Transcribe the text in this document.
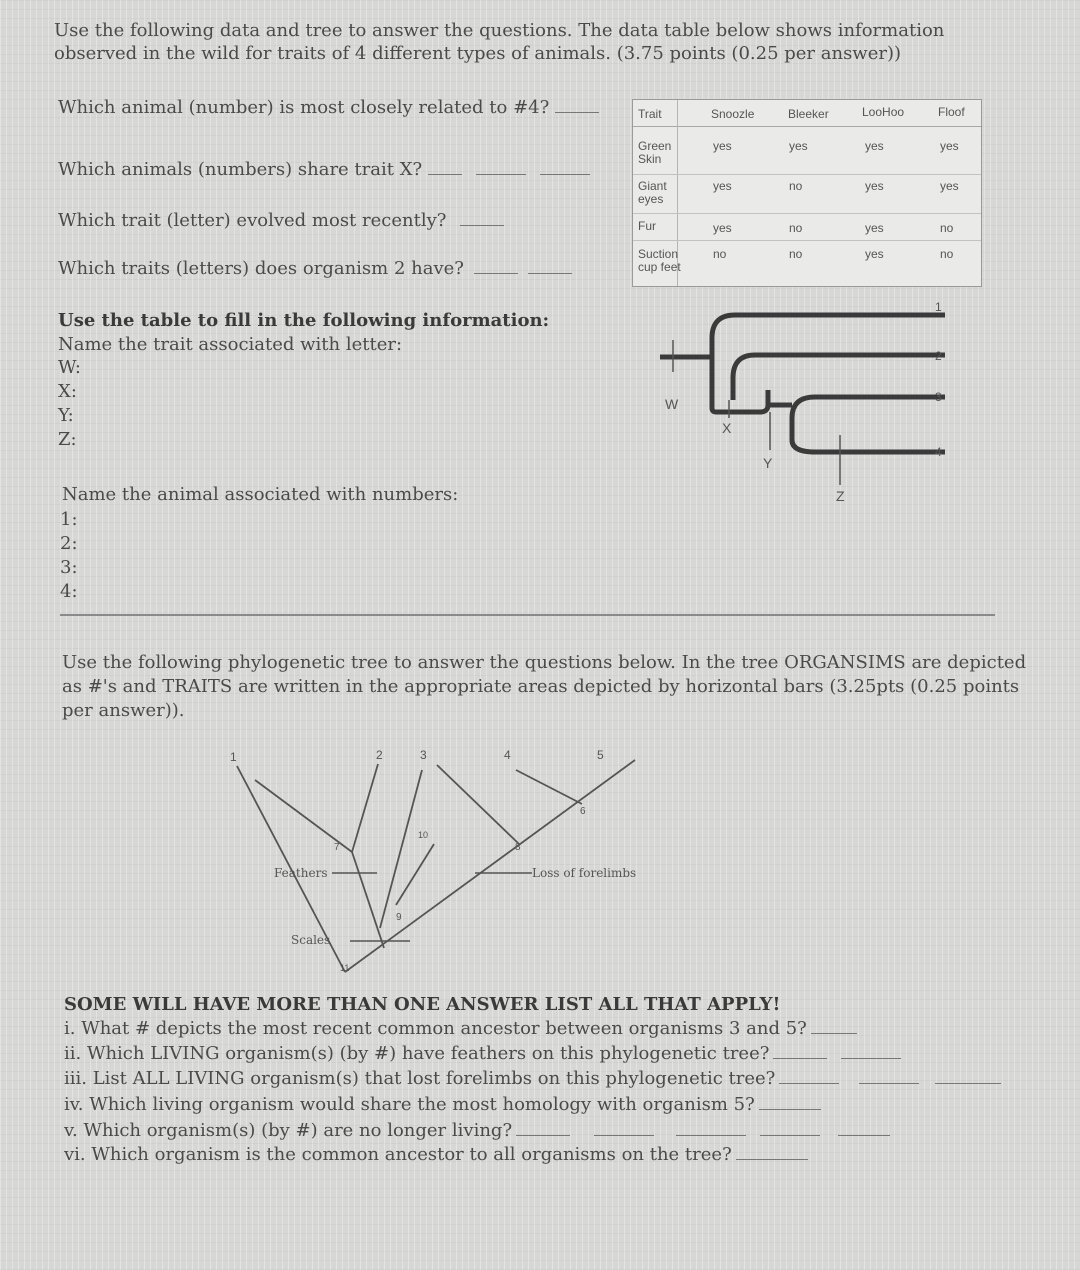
Use the following data and tree to answer the questions. The data table below shows information
observed in the wild for traits of 4 different types of animals. (3.75 points (0.25 per answer))
Which animal (number) is most closely related to #4?
Which animals (numbers) share trait X?
Which trait (letter) evolved most recently?
Which traits (letters) does organism 2 have?
Use the table to fill in the following information:
Name the trait associated with letter:
W:
X:
Y:
Z:
Name the animal associated with numbers:
1:
2:
3:
4:
Trait	Snoozle	Bleeker	LooHoo	Floof
Green
Skin
yes	yes	yes	yes
Giant
eyes
yes	no	yes	yes
Fur	yes	no	yes	no
Suction
cup feet
no	no	yes	no
1
2
3
4
W
X
Y
Z
Use the following phylogenetic tree to answer the questions below. In the tree ORGANSIMS are depicted
as #'s and TRAITS are written in the appropriate areas depicted by horizontal bars (3.25pts (0.25 points
per answer)).
1	2	3	4	5
6
7	8
9
10
11
Feathers
Scales
Loss of forelimbs
SOME WILL HAVE MORE THAN ONE ANSWER LIST ALL THAT APPLY!
i. What # depicts the most recent common ancestor between organisms 3 and 5?
ii. Which LIVING organism(s) (by #) have feathers on this phylogenetic tree?
iii. List ALL LIVING organism(s) that lost forelimbs on this phylogenetic tree?
iv. Which living organism would share the most homology with organism 5?
v. Which organism(s) (by #) are no longer living?
vi. Which organism is the common ancestor to all organisms on the tree?
